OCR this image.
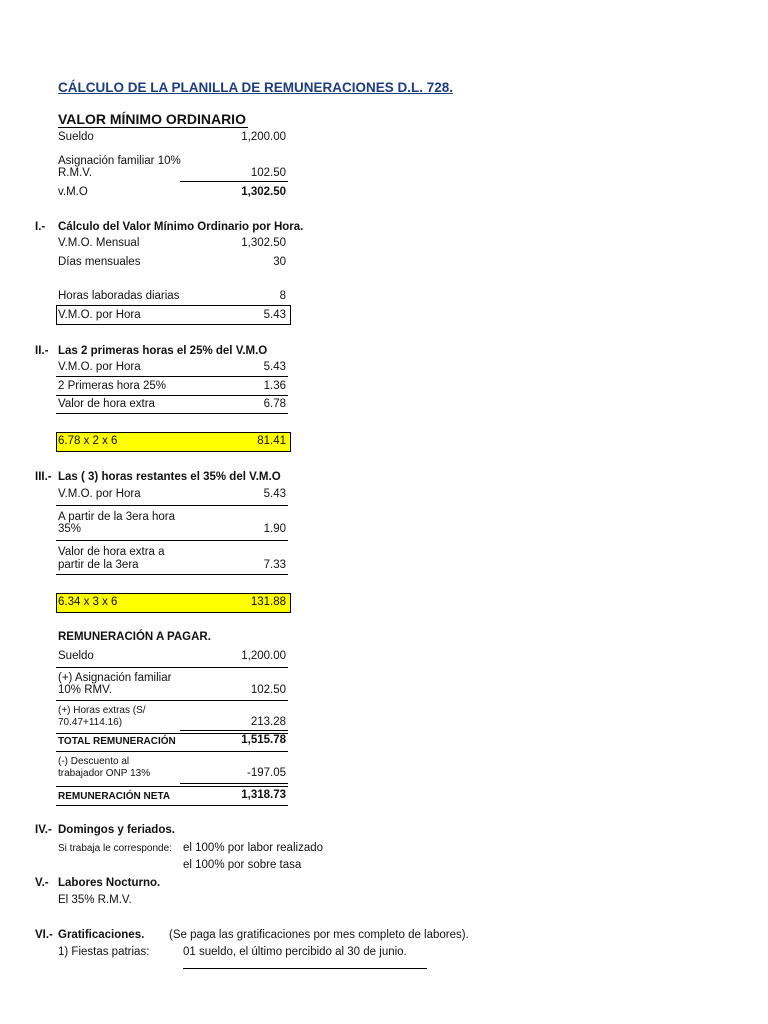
CÁLCULO DE LA PLANILLA DE REMUNERACIONES D.L. 728.
VALOR MÍNIMO ORDINARIO
Sueldo	1,200.00
Asignación familiar 10%
R.M.V.	102.50
v.M.O	1,302.50
I.- Cálculo del Valor Mínimo Ordinario por Hora.
V.M.O. Mensual	1,302.50
Días mensuales	30
Horas laboradas diarias	8
V.M.O. por Hora	5.43
II.- Las 2 primeras horas el 25% del V.M.O
V.M.O. por Hora	5.43
2 Primeras hora 25%	1.36
Valor de hora extra	6.78
6.78 x 2 x 6	81.41
III.- Las ( 3) horas restantes el 35% del V.M.O
V.M.O. por Hora	5.43
A partir de la 3era hora
35%	1.90
Valor de hora extra a
partir de la 3era	7.33
6.34 x 3 x 6	131.88
REMUNERACIÓN A PAGAR.
Sueldo	1,200.00
(+) Asignación familiar
10% RMV.	102.50
(+) Horas extras (S/
70.47+114.16)	213.28
TOTAL REMUNERACIÓN	1,515.78
(-) Descuento al
trabajador ONP 13%	-197.05
REMUNERACIÓN NETA	1,318.73
IV.- Domingos y feriados.
Si trabaja le corresponde: el 100% por labor realizado
el 100% por sobre tasa
V.- Labores Nocturno.
El 35% R.M.V.
VI.- Gratificaciones. (Se paga las gratificaciones por mes completo de labores).
1) Fiestas patrias:	01 sueldo, el último percibido al 30 de junio.
